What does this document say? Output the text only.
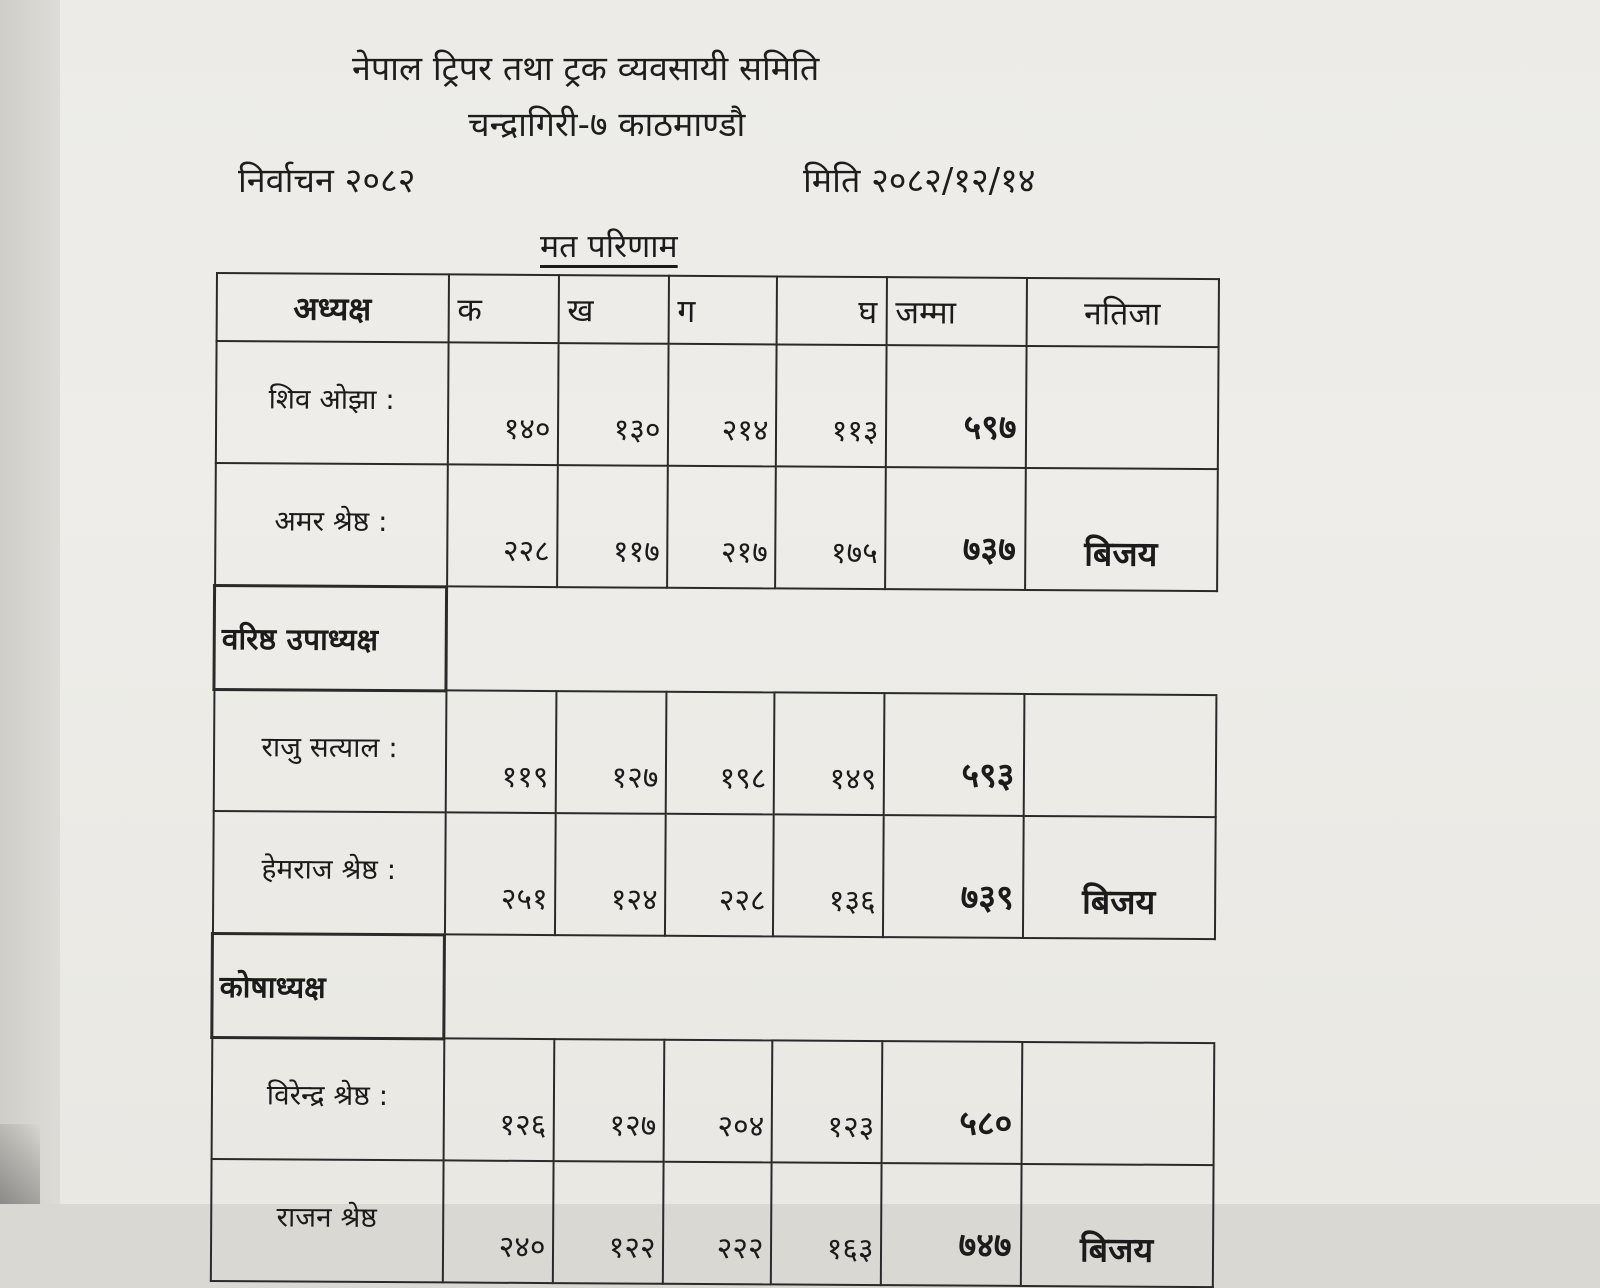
नेपाल ट्रिपर तथा ट्रक व्यवसायी समिति
चन्द्रागिरी-७ काठमाण्डौ
निर्वाचन २०८२	मिति २०८२/१२/१४
मत परिणाम
अध्यक्ष	क	ख	ग	घ	जम्मा	नतिजा
शिव ओझा :	१४०	१३०	२१४	११३	५९७	
अमर श्रेष्ठ :	२२८	११७	२१७	१७५	७३७	बिजय
वरिष्ठ उपाध्यक्ष						
राजु सत्याल :	११९	१२७	१९८	१४९	५९३	
हेमराज श्रेष्ठ :	२५१	१२४	२२८	१३६	७३९	बिजय
कोषाध्यक्ष						
विरेन्द्र श्रेष्ठ :	१२६	१२७	२०४	१२३	५८०	
राजन श्रेष्ठ	२४०	१२२	२२२	१६३	७४७	बिजय
